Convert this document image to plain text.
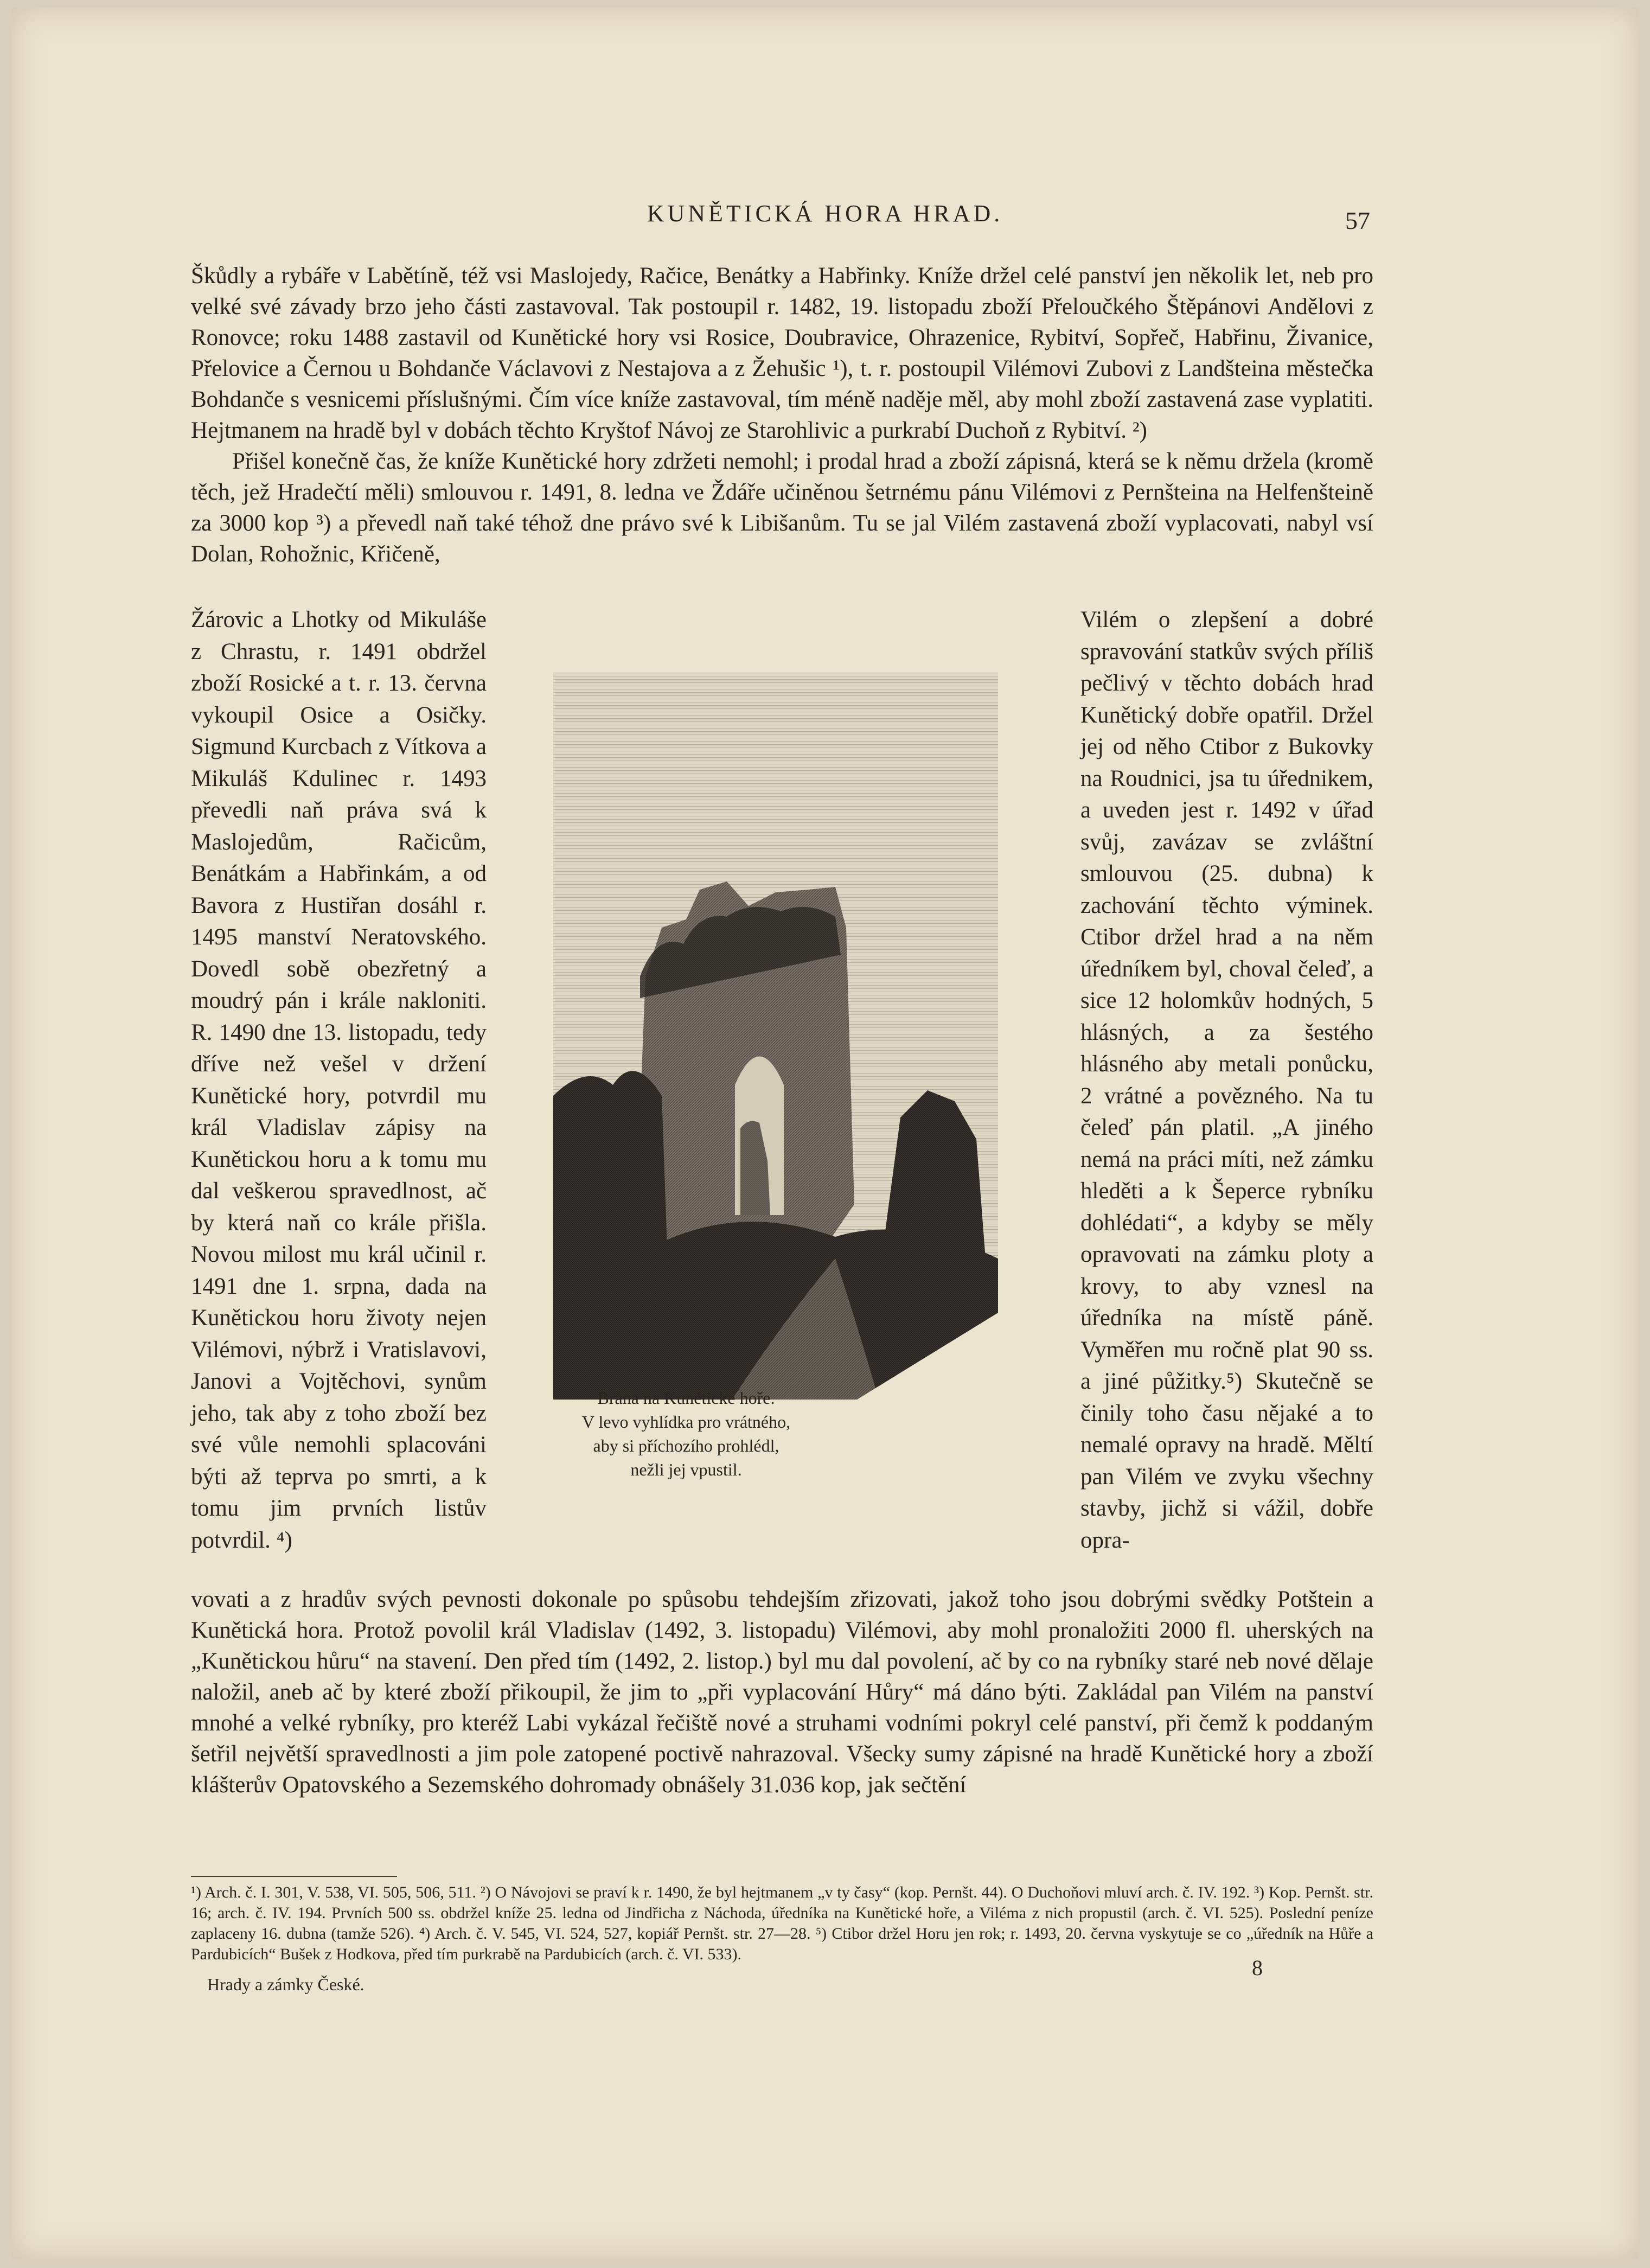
KUNĚTICKÁ HORA HRAD.	57

Škůdly a rybáře v Labětíně, též vsi Maslojedy, Račice, Benátky a Habřinky. Kníže držel celé panství jen několik let, neb pro velké své závady brzo jeho části zastavoval. Tak postoupil r. 1482, 19. listopadu zboží Přeloučkého Štěpánovi Andělovi z Ronovce; roku 1488 zastavil od Kunětické hory vsi Rosice, Doubravice, Ohrazenice, Rybitví, Sopřeč, Habřinu, Živanice, Přelovice a Černou u Bohdanče Václavovi z Nestajova a z Žehušic ¹), t. r. postoupil Vilémovi Zubovi z Landšteina městečka Bohdanče s vesnicemi příslušnými. Čím více kníže zastavoval, tím méně naděje měl, aby mohl zboží zastavená zase vyplatiti. Hejtmanem na hradě byl v dobách těchto Kryštof Návoj ze Starohlivic a purkrabí Duchoň z Rybitví. ²)

Přišel konečně čas, že kníže Kunětické hory zdržeti nemohl; i prodal hrad a zboží zápisná, která se k němu držela (kromě těch, jež Hradečtí měli) smlouvou r. 1491, 8. ledna ve Ždáře učiněnou šetrnému pánu Vilémovi z Pernšteina na Helfenšteině za 3000 kop ³) a převedl naň také téhož dne právo své k Libišanům. Tu se jal Vilém zastavená zboží vyplacovati, nabyl vsí Dolan, Rohožnic, Křičeně,

Žárovic a Lhotky od Mikuláše z Chrastu, r. 1491 obdržel zboží Rosické a t. r. 13. června vykoupil Osice a Osičky. Sigmund Kurcbach z Vítkova a Mikuláš Kdulinec r. 1493 převedli naň práva svá k Maslojedům, Račicům, Benátkám a Habřinkám, a od Bavora z Hustiřan dosáhl r. 1495 manství Neratovského. Dovedl sobě obezřetný a moudrý pán i krále nakloniti. R. 1490 dne 13. listopadu, tedy dříve než vešel v držení Kunětické hory, potvrdil mu král Vladislav zápisy na Kunětickou horu a k tomu mu dal veškerou spravedlnost, ač by která naň co krále přišla. Novou milost mu král učinil r. 1491 dne 1. srpna, dada na Kunětickou horu životy nejen Vilémovi, nýbrž i Vratislavovi, Janovi a Vojtěchovi, synům jeho, tak aby z toho zboží bez své vůle nemohli splacováni býti až teprva po smrti, a k tomu jim prvních listův potvrdil. ⁴)

Brána na Kunětické hoře.
V levo vyhlídka pro vrátného,
aby si příchozího prohlédl,
nežli jej vpustil.

Vilém o zlepšení a dobré spravování statkův svých příliš pečlivý v těchto dobách hrad Kunětický dobře opatřil. Držel jej od něho Ctibor z Bukovky na Roudnici, jsa tu úřednikem, a uveden jest r. 1492 v úřad svůj, zavázav se zvláštní smlouvou (25. dubna) k zachování těchto výminek. Ctibor držel hrad a na něm úředníkem byl, choval čeleď, a sice 12 holomkův hodných, 5 hlásných, a za šestého hlásného aby metali ponůcku, 2 vrátné a povězného. Na tu čeleď pán platil. „A jiného nemá na práci míti, než zámku hleděti a k Šeperce rybníku dohlédati“, a kdyby se měly opravovati na zámku ploty a krovy, to aby vznesl na úředníka na místě páně. Vyměřen mu ročně plat 90 ss. a jiné půžitky.⁵) Skutečně se činily toho času nějaké a to nemalé opravy na hradě. Měltí pan Vilém ve zvyku všechny stavby, jichž si vážil, dobře opra-

vovati a z hradův svých pevnosti dokonale po spůsobu tehdejším zřizovati, jakož toho jsou dobrými svědky Potštein a Kunětická hora. Protož povolil král Vladislav (1492, 3. listopadu) Vilémovi, aby mohl pronaložiti 2000 fl. uherských na „Kunětickou hůru“ na stavení. Den před tím (1492, 2. listop.) byl mu dal povolení, ač by co na rybníky staré neb nové dělaje naložil, aneb ač by které zboží přikoupil, že jim to „při vyplacování Hůry“ má dáno býti. Zakládal pan Vilém na panství mnohé a velké rybníky, pro kteréž Labi vykázal řečiště nové a struhami vodními pokryl celé panství, při čemž k poddaným šetřil největší spravedlnosti a jim pole zatopené poctivě nahrazoval. Všecky sumy zápisné na hradě Kunětické hory a zboží klášterův Opatovského a Sezemského dohromady obnášely 31.036 kop, jak sečtění

¹) Arch. č. I. 301, V. 538, VI. 505, 506, 511. ²) O Návojovi se praví k r. 1490, že byl hejtmanem „v ty časy“ (kop. Pernšt. 44). O Duchoňovi mluví arch. č. IV. 192. ³) Kop. Pernšt. str. 16; arch. č. IV. 194. Prvních 500 ss. obdržel kníže 25. ledna od Jindřicha z Náchoda, úředníka na Kunětické hoře, a Viléma z nich propustil (arch. č. VI. 525). Poslední peníze zaplaceny 16. dubna (tamže 526). ⁴) Arch. č. V. 545, VI. 524, 527, kopiář Pernšt. str. 27—28. ⁵) Ctibor držel Horu jen rok; r. 1493, 20. června vyskytuje se co „úředník na Hůře a Pardubicích“ Bušek z Hodkova, před tím purkrabě na Pardubicích (arch. č. VI. 533).

Hrady a zámky České.
8
